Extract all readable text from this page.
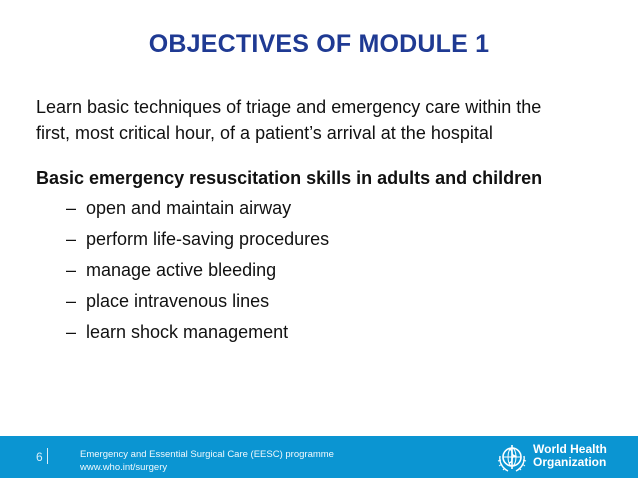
OBJECTIVES OF MODULE 1
Learn basic techniques of triage and emergency care within the
first, most critical hour, of a patient’s arrival at the hospital
Basic emergency resuscitation skills in adults and children
– open and maintain airway
– perform life-saving procedures
– manage active bleeding
– place intravenous lines
– learn shock management
6	Emergency and Essential Surgical Care (EESC) programme
www.who.int/surgery
World Health
Organization
